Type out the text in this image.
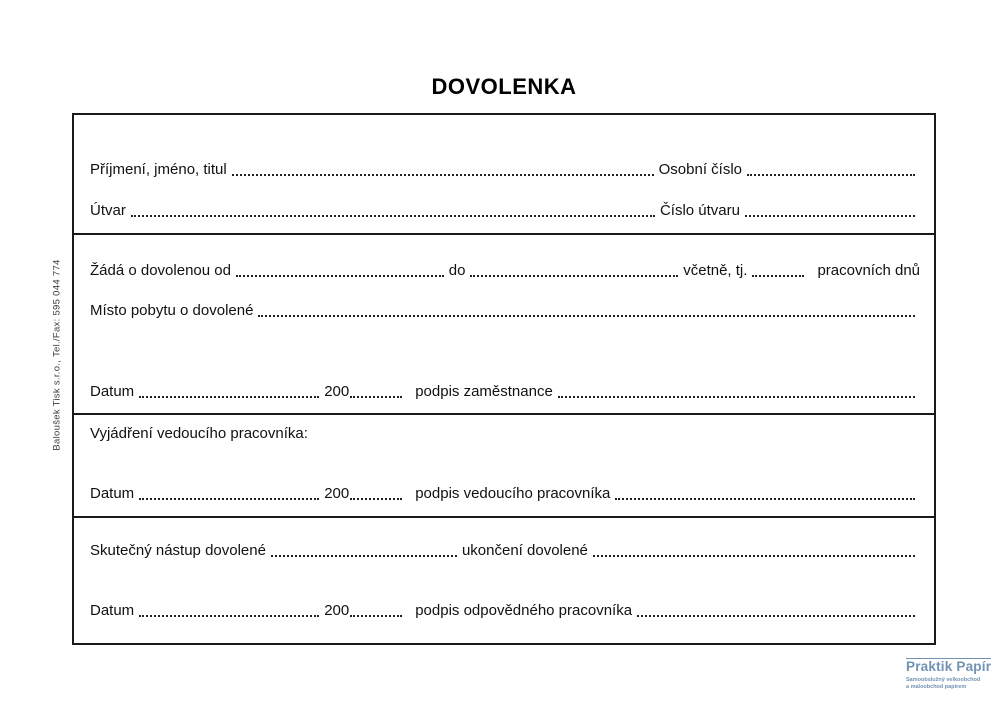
DOVOLENKA
Baloušek Tisk s.r.o., Tel./Fax: 595 044 774
Příjmení, jméno, titul	Osobní číslo
Útvar	Číslo útvaru
Žádá o dovolenou od	do	včetně, tj.	pracovních dnů
Místo pobytu o dovolené
Datum	200	podpis zaměstnance
Vyjádření vedoucího pracovníka:
Datum	200	podpis vedoucího pracovníka
Skutečný nástup dovolené	ukončení dovolené
Datum	200	podpis odpovědného pracovníka
Praktik Papír
Samoobslužný velkoobchod
a maloobchod papírem
